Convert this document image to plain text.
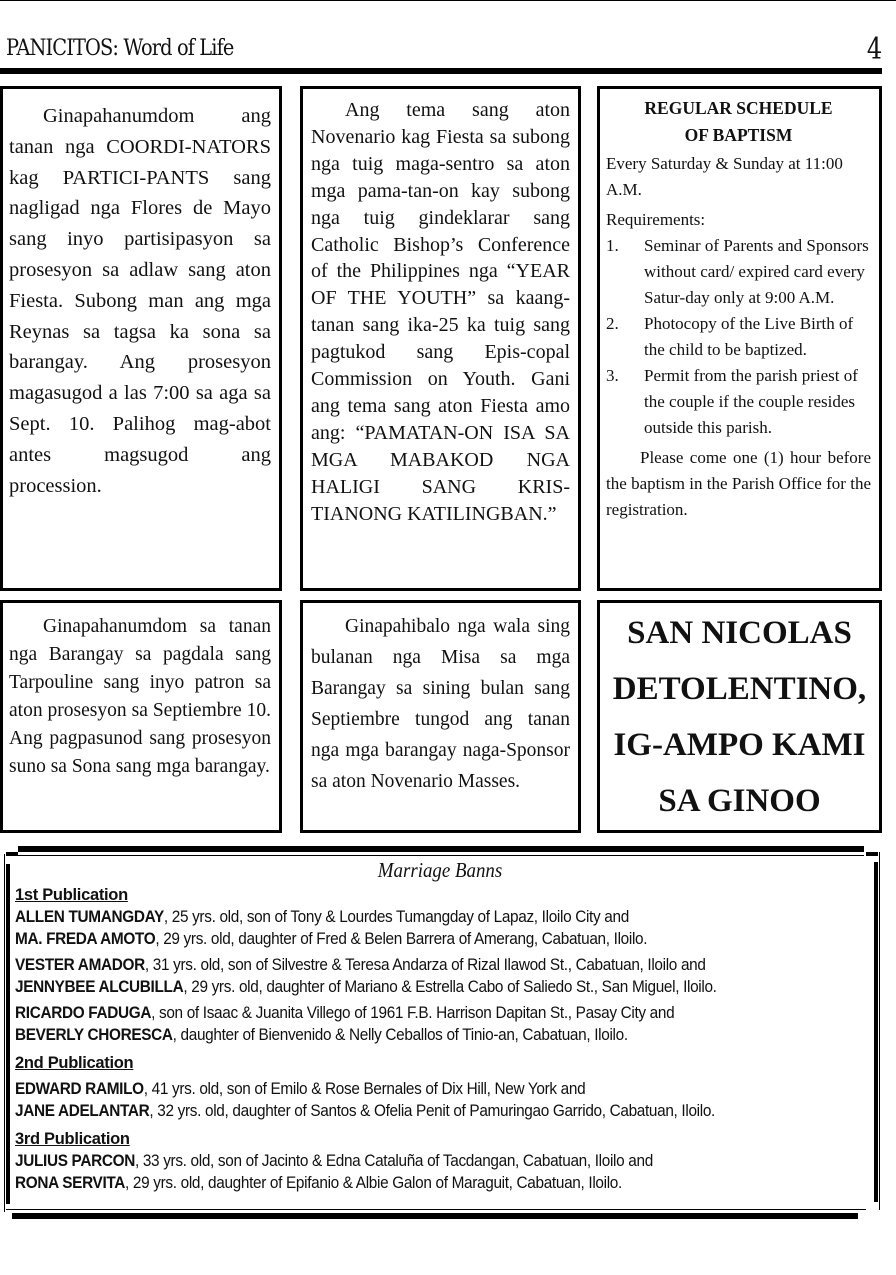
PANICITOS: Word of Life	4

Ginapahanumdom ang tanan nga COORDI-NATORS kag PARTICI-PANTS sang nagligad nga Flores de Mayo sang inyo partisipasyon sa prosesyon sa adlaw sang aton Fiesta. Subong man ang mga Reynas sa tagsa ka sona sa barangay. Ang prosesyon magasugod a las 7:00 sa aga sa Sept. 10. Palihog mag-abot antes magsugod ang procession.

Ang tema sang aton Novenario kag Fiesta sa subong nga tuig maga-sentro sa aton mga pama-tan-on kay subong nga tuig gindeklarar sang Catholic Bishop’s Conference of the Philippines nga “YEAR OF THE YOUTH” sa kaang-tanan sang ika-25 ka tuig sang pagtukod sang Epis-copal Commission on Youth. Gani ang tema sang aton Fiesta amo ang: “PAMATAN-ON ISA SA MGA MABAKOD NGA HALIGI SANG KRIS-TIANONG KATILINGBAN.”

REGULAR SCHEDULE
OF BAPTISM
Every Saturday & Sunday at 11:00 A.M.
Requirements:
1. Seminar of Parents and Sponsors without card/ expired card every Satur-day only at 9:00 A.M.
2. Photocopy of the Live Birth of the child to be baptized.
3. Permit from the parish priest of the couple if the couple resides outside this parish.
Please come one (1) hour before the baptism in the Parish Office for the registration.

Ginapahanumdom sa tanan nga Barangay sa pagdala sang Tarpouline sang inyo patron sa aton prosesyon sa Septiembre 10. Ang pagpasunod sang prosesyon suno sa Sona sang mga barangay.

Ginapahibalo nga wala sing bulanan nga Misa sa mga Barangay sa sining bulan sang Septiembre tungod ang tanan nga mga barangay naga-Sponsor sa aton Novenario Masses.

SAN NICOLAS
DETOLENTINO,
IG-AMPO KAMI
SA GINOO
Marriage Banns
1st Publication
ALLEN TUMANGDAY, 25 yrs. old, son of Tony & Lourdes Tumangday of Lapaz, Iloilo City and
MA. FREDA AMOTO, 29 yrs. old, daughter of Fred & Belen Barrera of Amerang, Cabatuan, Iloilo.
VESTER AMADOR, 31 yrs. old, son of Silvestre & Teresa Andarza of Rizal Ilawod St., Cabatuan, Iloilo and
JENNYBEE ALCUBILLA, 29 yrs. old, daughter of Mariano & Estrella Cabo of Saliedo St., San Miguel, Iloilo.
RICARDO FADUGA, son of Isaac & Juanita Villego of 1961 F.B. Harrison Dapitan St., Pasay City and
BEVERLY CHORESCA, daughter of Bienvenido & Nelly Ceballos of Tinio-an, Cabatuan, Iloilo.
2nd Publication
EDWARD RAMILO, 41 yrs. old, son of Emilo & Rose Bernales of Dix Hill, New York and
JANE ADELANTAR, 32 yrs. old, daughter of Santos & Ofelia Penit of Pamuringao Garrido, Cabatuan, Iloilo.
3rd Publication
JULIUS PARCON, 33 yrs. old, son of Jacinto & Edna Cataluña of Tacdangan, Cabatuan, Iloilo and
RONA SERVITA, 29 yrs. old, daughter of Epifanio & Albie Galon of Maraguit, Cabatuan, Iloilo.
